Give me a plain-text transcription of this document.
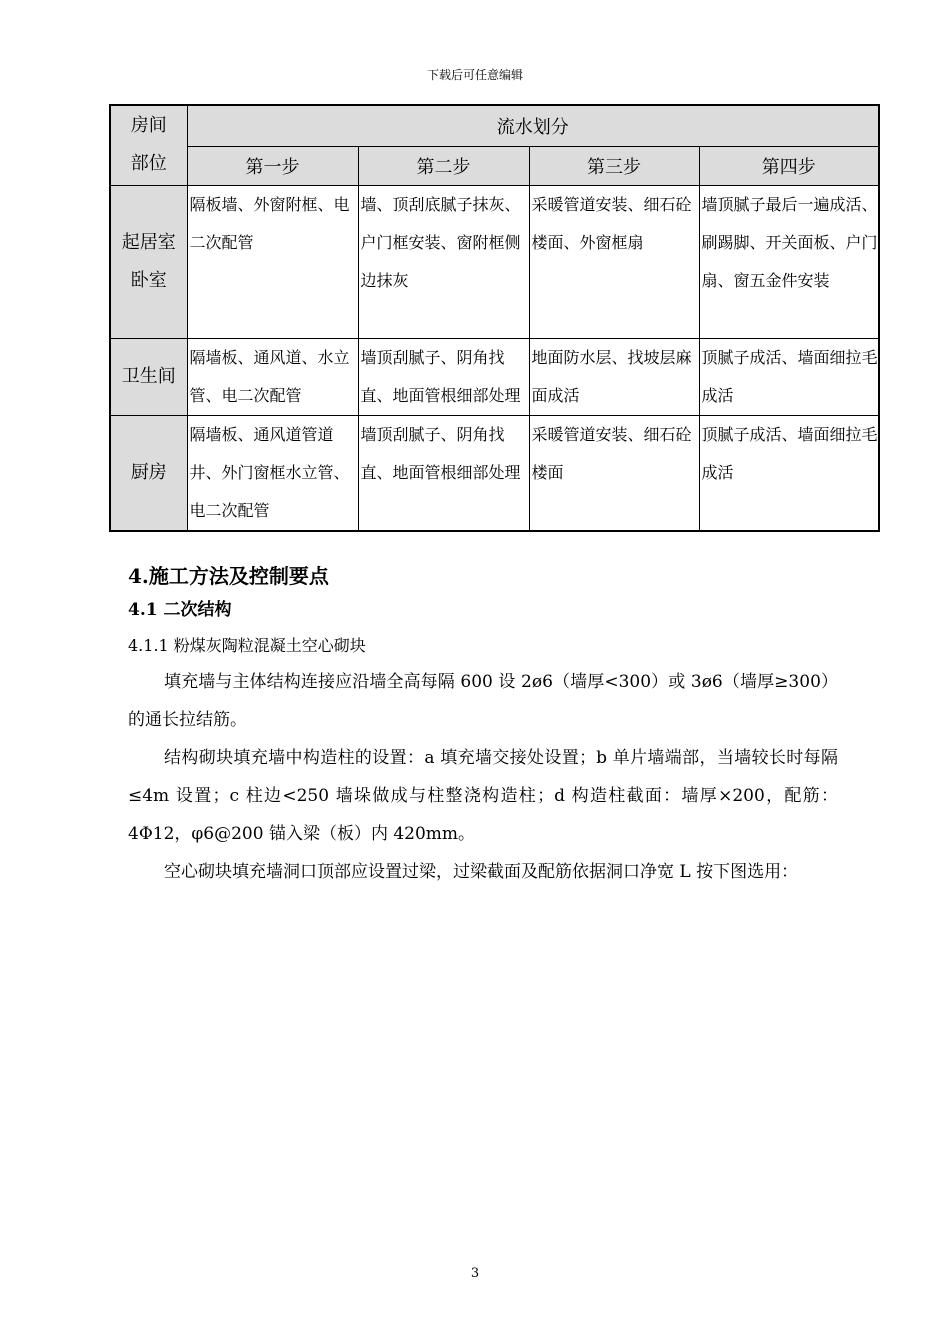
下载后可任意编辑
房间
部位	流水划分			
	第一步	第二步	第三步	第四步

起居室
卧室	隔板墙、外窗附框、电二次配管	墙、顶刮底腻子抹灰、户门框安装、窗附框侧边抹灰	采暖管道安装、细石砼楼面、外窗框扇	墙顶腻子最后一遍成活、刷踢脚、开关面板、户门扇、窗五金件安装

卫生间	隔墙板、通风道、水立管、电二次配管	墙顶刮腻子、阴角找直、地面管根细部处理	地面防水层、找坡层麻面成活	顶腻子成活、墙面细拉毛成活

厨房	隔墙板、通风道管道井、外门窗框水立管、电二次配管	墙顶刮腻子、阴角找直、地面管根细部处理	采暖管道安装、细石砼楼面	顶腻子成活、墙面细拉毛成活
4.施工方法及控制要点
4.1 二次结构
4.1.1 粉煤灰陶粒混凝土空心砌块

填充墙与主体结构连接应沿墙全高每隔 600 设 2ø6（墙厚<300）或 3ø6（墙厚≥300）的通长拉结筋。

结构砌块填充墙中构造柱的设置：a 填充墙交接处设置；b 单片墙端部，当墙较长时每隔≤4m 设置；c 柱边<250 墙垛做成与柱整浇构造柱；d 构造柱截面：墙厚×200，配筋：4Φ12，φ6@200 锚入梁（板）内 420mm。

空心砌块填充墙洞口顶部应设置过梁，过梁截面及配筋依据洞口净宽 L 按下图选用：

3
